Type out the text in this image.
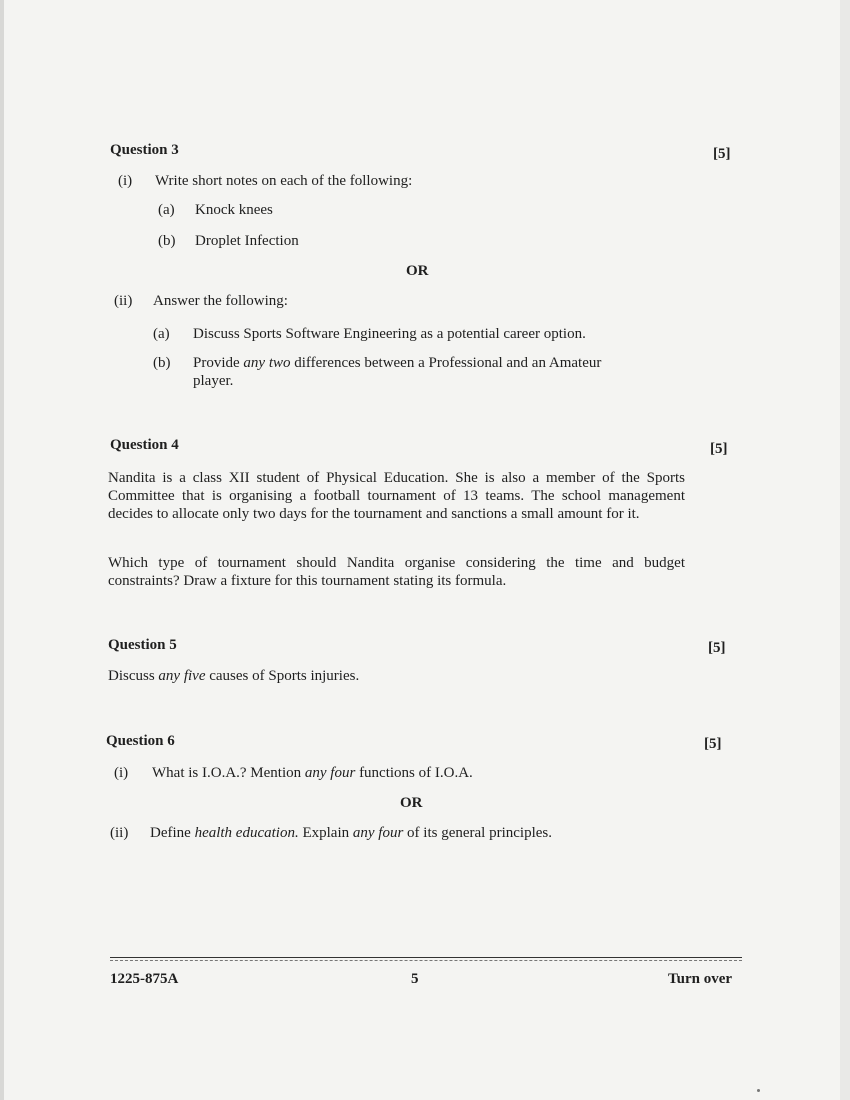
Question 3	[5]
(i) Write short notes on each of the following:
(a) Knock knees
(b) Droplet Infection
OR
(ii) Answer the following:
(a) Discuss Sports Software Engineering as a potential career option.
(b) Provide any two differences between a Professional and an Amateur
player.
Question 4	[5]
Nandita is a class XII student of Physical Education. She is also a member of the Sports Committee that is organising a football tournament of 13 teams. The school management decides to allocate only two days for the tournament and sanctions a small amount for it.
Which type of tournament should Nandita organise considering the time and budget constraints? Draw a fixture for this tournament stating its formula.
Question 5	[5]
Discuss any five causes of Sports injuries.
Question 6	[5]
(i) What is I.O.A.? Mention any four functions of I.O.A.
OR
(ii) Define health education. Explain any four of its general principles.
1225-875A	5	Turn over
